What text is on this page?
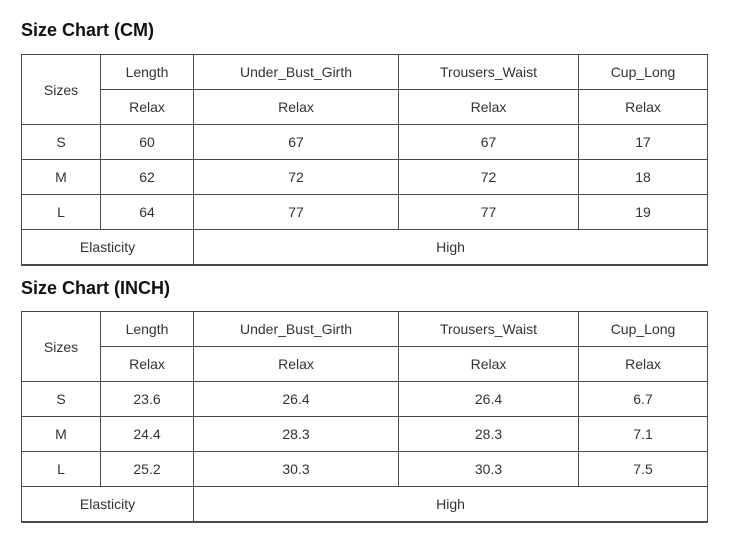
Size Chart (CM)
Sizes	Length	Under_Bust_Girth	Trousers_Waist	Cup_Long
	Relax	Relax	Relax	Relax
S	60	67	67	17
M	62	72	72	18
L	64	77	77	19
Elasticity		High		
Size Chart (INCH)
Sizes	Length	Under_Bust_Girth	Trousers_Waist	Cup_Long
	Relax	Relax	Relax	Relax
S	23.6	26.4	26.4	6.7
M	24.4	28.3	28.3	7.1
L	25.2	30.3	30.3	7.5
Elasticity		High		
